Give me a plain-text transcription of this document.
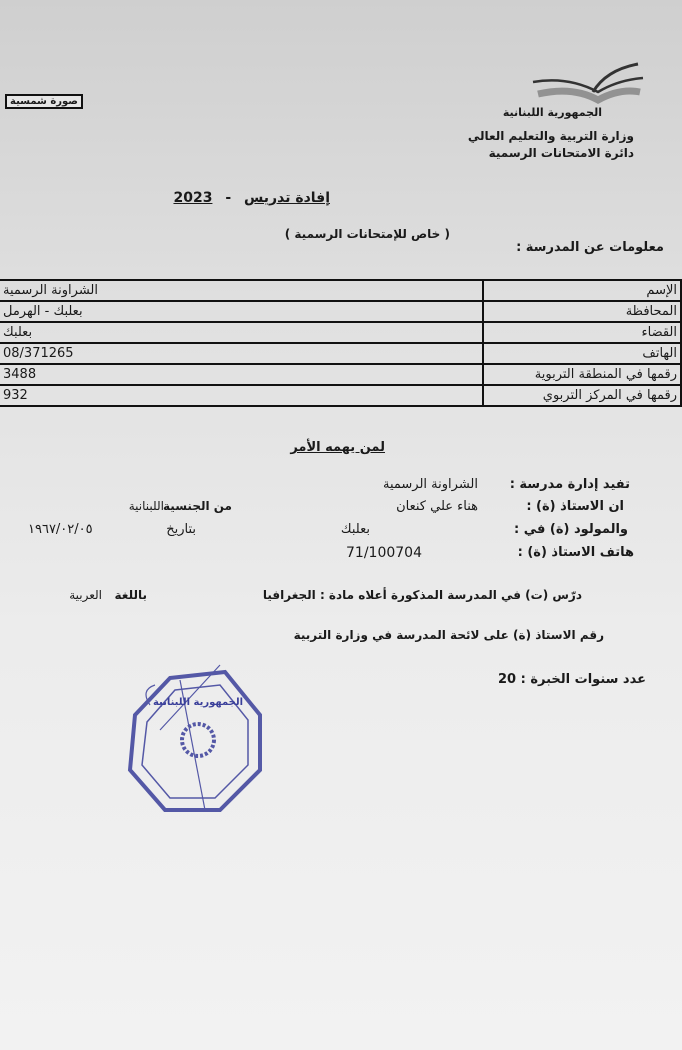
صورة شمسية
الجمهورية اللبنانية
وزارة التربية والتعليم العالي
دائرة الامتحانات الرسمية
إفادة تدريس - 2023
( خاص للإمتحانات الرسمية )
معلومات عن المدرسة :
الإسم	الشراونة الرسمية

المحافظة	بعلبك - الهرمل

القضاء	بعلبك

الهاتف	08/371265

رقمها في المنطقة التربوية	3488

رقمها في المركز التربوي	932
لمن يهمه الأمر
تفيد إدارة مدرسة :
الشراونة الرسمية
ان الاستاذ (ة) :
هناء علي كنعان
من الجنسية
اللبنانية
والمولود (ة) في :
بعلبك
بتاريخ
١٩٦٧/٠٢/٠٥
هاتف الاستاذ (ة) :
71/100704
درّس (ت) في المدرسة المذكورة أعلاه مادة : الجغرافيا
باللغة
العربية
رقم الاستاذ (ة) على لائحة المدرسة في وزارة التربية
عدد سنوات الخبرة : 20
الجمهورية اللبنانية
